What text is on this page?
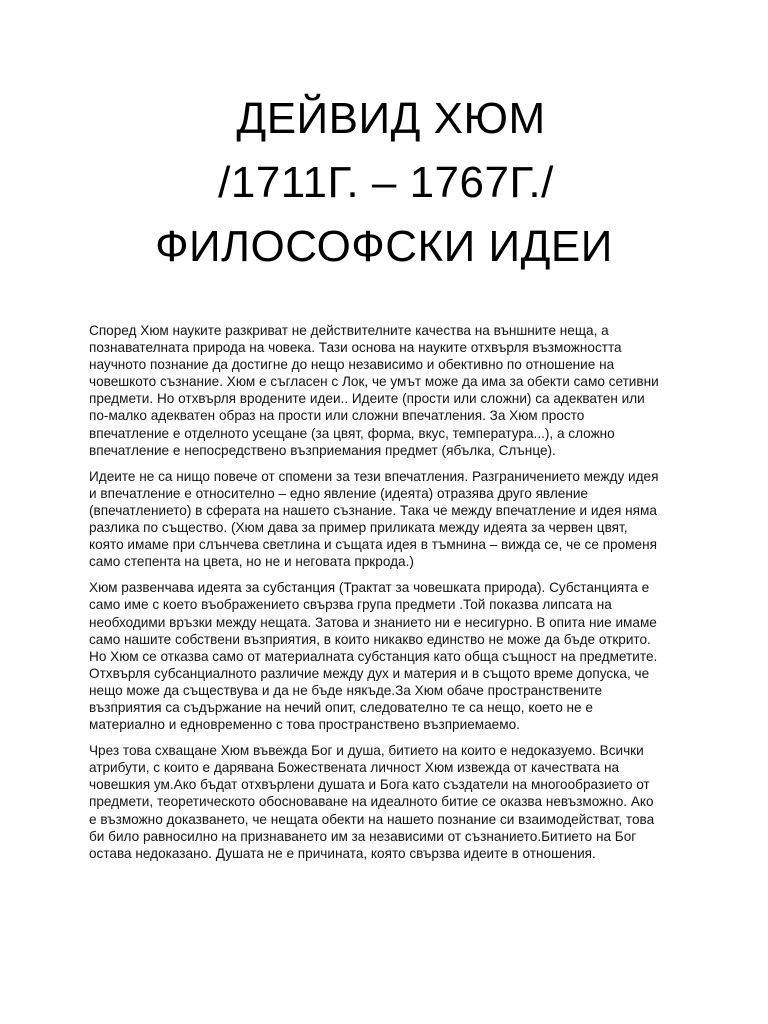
ДЕЙВИД ХЮМ
/1711Г. – 1767Г./
ФИЛОСОФСКИ ИДЕИ

Според Хюм науките разкриват не действителните качества на външните неща, а
познавателната природа на човека. Тази основа на науките отхвърля възможността
научното познание да достигне до нещо независимо и обективно по отношение на
човешкото съзнание. Хюм е съгласен с Лок, че умът може да има за обекти само сетивни
предмети. Но отхвърля вродените идеи.. Идеите (прости или сложни) са адекватен или
по-малко адекватен образ на прости или сложни впечатления. За Хюм просто
впечатление е отделното усещане (за цвят, форма, вкус, температура...), а сложно
впечатление е непосредствено възприемания предмет (ябълка, Слънце).

Идеите не са нищо повече от спомени за тези впечатления. Разграничението между идея
и впечатление е относително – едно явление (идеята) отразява друго явление
(впечатлението) в сферата на нашето съзнание. Така че между впечатление и идея няма
разлика по същество. (Хюм дава за пример приликата между идеята за червен цвят,
която имаме при слънчева светлина и същата идея в тъмнина – вижда се, че се променя
само степента на цвета, но не и неговата пркрода.)

Хюм развенчава идеята за субстанция (Трактат за човешката природа). Субстанцията е
само име с което въображението свързва група предмети .Той показва липсата на
необходими връзки между нещата. Затова и знанието ни е несигурно. В опита ние имаме
само нашите собствени възприятия, в които никакво единство не може да бъде открито.
Но Хюм се отказва само от материалната субстанция като обща същност на предметите.
Отхвърля субсанциалното различие между дух и материя и в същото време допуска, че
нещо може да съществува и да не бъде някъде.За Хюм обаче пространствените
възприятия са съдържание на нечий опит, следователно те са нещо, което не е
материално и едновременно с това пространствено възприемаемо.

Чрез това схващане Хюм въвежда Бог и душа, битието на които е недоказуемо. Всички
атрибути, с които е дарявана Божествената личност Хюм извежда от качествата на
човешкия ум.Ако бъдат отхвърлени душата и Бога като създатели на многообразието от
предмети, теоретическото обосноваване на идеалното битие се оказва невъзможно. Ако
е възможно доказването, че нещата обекти на нашето познание си взаимодействат, това
би било равносилно на признаването им за независими от съзнанието.Битието на Бог
остава недоказано. Душата не е причината, която свързва идеите в отношения.
